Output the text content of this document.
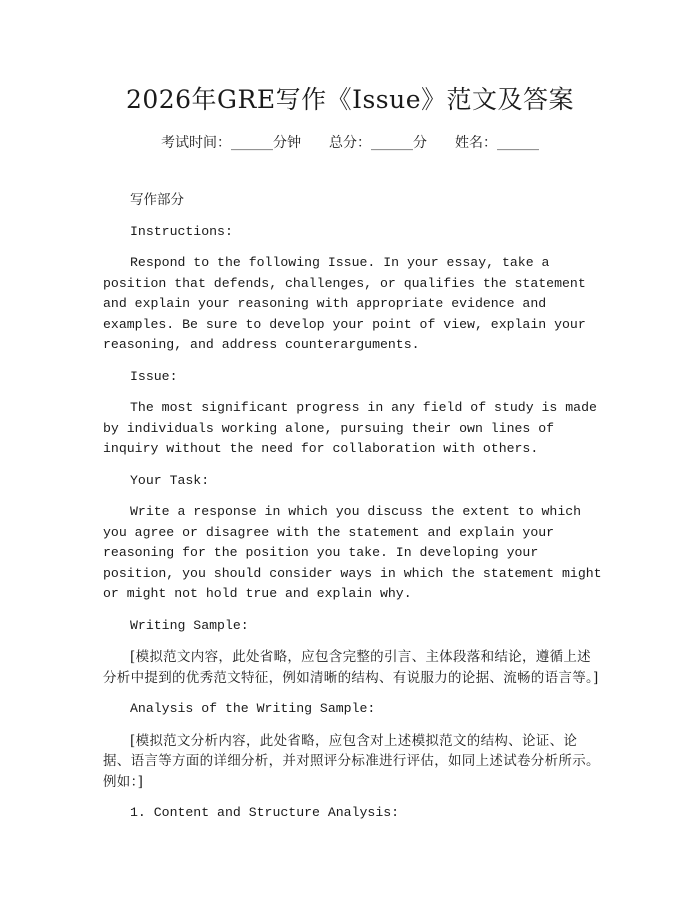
2026年GRE写作《Issue》范文及答案
考试时间：______分钟 总分：______分 姓名：______

写作部分

Instructions:

Respond to the following Issue. In your essay, take a position that defends, challenges, or qualifies the statement and explain your reasoning with appropriate evidence and examples. Be sure to develop your point of view, explain your reasoning, and address counterarguments.

Issue:

The most significant progress in any field of study is made by individuals working alone, pursuing their own lines of inquiry without the need for collaboration with others.

Your Task:

Write a response in which you discuss the extent to which you agree or disagree with the statement and explain your reasoning for the position you take. In developing your position, you should consider ways in which the statement might or might not hold true and explain why.

Writing Sample:

[模拟范文内容，此处省略，应包含完整的引言、主体段落和结论，遵循上述分析中提到的优秀范文特征，例如清晰的结构、有说服力的论据、流畅的语言等。]

Analysis of the Writing Sample:

[模拟范文分析内容，此处省略，应包含对上述模拟范文的结构、论证、论据、语言等方面的详细分析，并对照评分标准进行评估，如同上述试卷分析所示。例如：]

1. Content and Structure Analysis:
